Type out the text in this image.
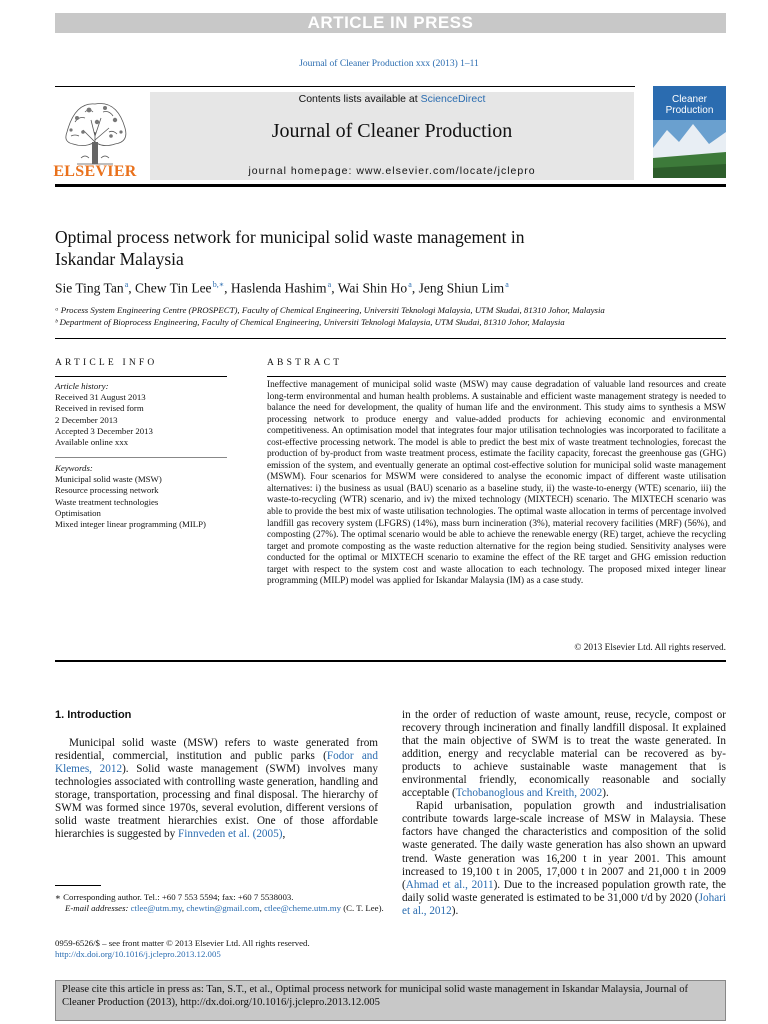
ARTICLE IN PRESS
Journal of Cleaner Production xxx (2013) 1–11
ELSEVIER
Contents lists available at ScienceDirect
Journal of Cleaner Production
journal homepage: www.elsevier.com/locate/jclepro
Cleaner
Production
Optimal process network for municipal solid waste management in
Iskandar Malaysia
Sie Ting Tan $^a$, Chew Tin Lee $^{b,∗}$, Haslenda Hashim $^a$, Wai Shin Ho $^a$, Jeng Shiun Lim $^a$
ᵃ Process System Engineering Centre (PROSPECT), Faculty of Chemical Engineering, Universiti Teknologi Malaysia, UTM Skudai, 81310 Johor, Malaysia
ᵇ Department of Bioprocess Engineering, Faculty of Chemical Engineering, Universiti Teknologi Malaysia, UTM Skudai, 81310 Johor, Malaysia
ARTICLE INFO	ABSTRACT
Article history:
Received 31 August 2013
Received in revised form
2 December 2013
Accepted 3 December 2013
Available online xxx
Keywords:
Municipal solid waste (MSW)
Resource processing network
Waste treatment technologies
Optimisation
Mixed integer linear programming (MILP)
Ineffective management of municipal solid waste (MSW) may cause degradation of valuable land resources and create long-term environmental and human health problems. A sustainable and efficient waste management strategy is needed to balance the need for development, the quality of human life and the environment. This study aims to synthesis a MSW processing network to produce energy and value-added products for achieving economic and environmental competitiveness. An optimisation model that integrates four major utilisation technologies was incorporated to facilitate a cost-effective processing network. The model is able to predict the best mix of waste treatment technologies, forecast the production of by-product from waste treatment process, estimate the facility capacity, forecast the greenhouse gas (GHG) emission of the system, and eventually generate an optimal cost-effective solution for municipal solid waste management (MSWM). Four scenarios for MSWM were considered to analyse the economic impact of different waste utilisation alternatives: i) the business as usual (BAU) scenario as a baseline study, ii) the waste-to-energy (WTE) scenario, iii) the waste-to-recycling (WTR) scenario, and iv) the mixed technology (MIXTECH) scenario. The MIXTECH scenario was able to provide the best mix of waste utilisation technologies. The optimal waste allocation in terms of percentage involved landfill gas recovery system (LFGRS) (14%), mass burn incineration (3%), material recovery facilities (MRF) (56%), and composting (27%). The optimal scenario would be able to achieve the renewable energy (RE) target, achieve the recycling target and promote composting as the waste reduction alternative for the region being studied. Sensitivity analyses were conducted for the optimal or MIXTECH scenario to examine the effect of the RE target and GHG emission reduction target with respect to the system cost and waste allocation to each technology. The proposed mixed integer linear programming (MILP) model was applied for Iskandar Malaysia (IM) as a case study.
© 2013 Elsevier Ltd. All rights reserved.
1. Introduction

Municipal solid waste (MSW) refers to waste generated from residential, commercial, institution and public parks (Fodor and Klemes, 2012). Solid waste management (SWM) involves many technologies associated with controlling waste generation, handling and storage, transportation, processing and final disposal. The hierarchy of SWM was formed since 1970s, several evolution, different versions of solid waste treatment hierarchies exist. One of those affordable hierarchies is suggested by Finnveden et al. (2005),

in the order of reduction of waste amount, reuse, recycle, compost or recovery through incineration and finally landfill disposal. It explained that the main objective of SWM is to treat the waste generated. In addition, energy and recyclable material can be recovered as by-products to achieve sustainable waste management that is environmental friendly, economically reasonable and socially acceptable (Tchobanoglous and Kreith, 2002).

Rapid urbanisation, population growth and industrialisation contribute towards large-scale increase of MSW in Malaysia. These factors have changed the characteristics and composition of the solid waste generated. The daily waste generation has also shown an upward trend. Waste generation was 16,200 t in year 2001. This amount increased to 19,100 t in 2005, 17,000 t in 2007 and 21,000 t in 2009 (Ahmad et al., 2011). Due to the increased population growth rate, the daily solid waste generated is estimated to be 31,000 t/d by 2020 (Johari et al., 2012).

∗ Corresponding author. Tel.: +60 7 553 5594; fax: +60 7 5538003.
E-mail addresses: ctlee@utm.my, chewtin@gmail.com, ctlee@cheme.utm.my (C. T. Lee).
0959-6526/$ – see front matter © 2013 Elsevier Ltd. All rights reserved.
http://dx.doi.org/10.1016/j.jclepro.2013.12.005
Please cite this article in press as: Tan, S.T., et al., Optimal process network for municipal solid waste management in Iskandar Malaysia, Journal of Cleaner Production (2013), http://dx.doi.org/10.1016/j.jclepro.2013.12.005
